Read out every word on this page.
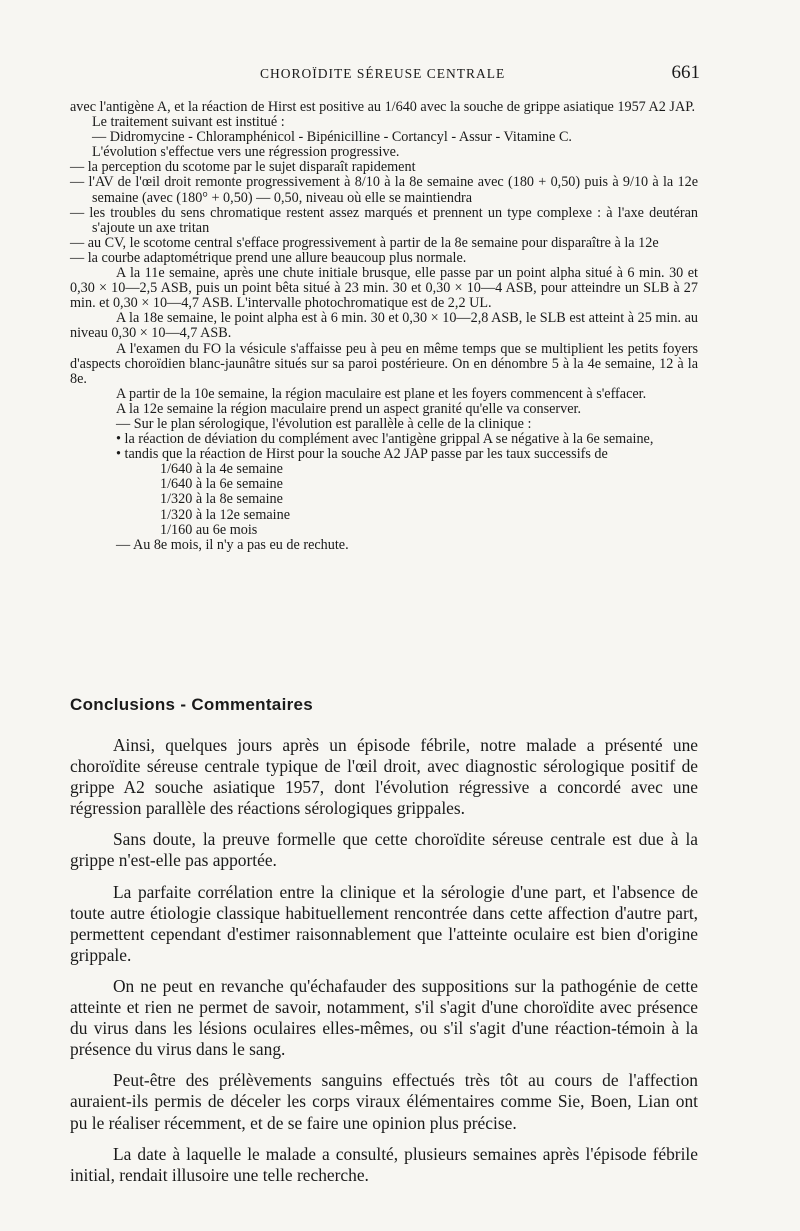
CHOROÏDITE SÉREUSE CENTRALE	661

avec l'antigène A, et la réaction de Hirst est positive au 1/640 avec la souche de grippe asiatique 1957 A2 JAP.

Le traitement suivant est institué :

— Didromycine - Chloramphénicol - Bipénicilline - Cortancyl - Assur - Vitamine C.

L'évolution s'effectue vers une régression progressive.

— la perception du scotome par le sujet disparaît rapidement

— l'AV de l'œil droit remonte progressivement à 8/10 à la 8e semaine avec (180 + 0,50) puis à 9/10 à la 12e semaine (avec (180° + 0,50) — 0,50, niveau où elle se maintiendra

— les troubles du sens chromatique restent assez marqués et prennent un type complexe : à l'axe deutéran s'ajoute un axe tritan

— au CV, le scotome central s'efface progressivement à partir de la 8e semaine pour disparaître à la 12e

— la courbe adaptométrique prend une allure beaucoup plus normale.

A la 11e semaine, après une chute initiale brusque, elle passe par un point alpha situé à 6 min. 30 et 0,30 × 10—2,5 ASB, puis un point bêta situé à 23 min. 30 et 0,30 × 10—4 ASB, pour atteindre un SLB à 27 min. et 0,30 × 10—4,7 ASB. L'intervalle photochromatique est de 2,2 UL.

A la 18e semaine, le point alpha est à 6 min. 30 et 0,30 × 10—2,8 ASB, le SLB est atteint à 25 min. au niveau 0,30 × 10—4,7 ASB.

A l'examen du FO la vésicule s'affaisse peu à peu en même temps que se multiplient les petits foyers d'aspects choroïdien blanc-jaunâtre situés sur sa paroi postérieure. On en dénombre 5 à la 4e semaine, 12 à la 8e.

A partir de la 10e semaine, la région maculaire est plane et les foyers commencent à s'effacer.

A la 12e semaine la région maculaire prend un aspect granité qu'elle va conserver.

— Sur le plan sérologique, l'évolution est parallèle à celle de la clinique :

• la réaction de déviation du complément avec l'antigène grippal A se négative à la 6e semaine,

• tandis que la réaction de Hirst pour la souche A2 JAP passe par les taux successifs de

1/640 à la 4e semaine
1/640 à la 6e semaine
1/320 à la 8e semaine
1/320 à la 12e semaine
1/160 au 6e mois

— Au 8e mois, il n'y a pas eu de rechute.

Conclusions - Commentaires

Ainsi, quelques jours après un épisode fébrile, notre malade a présenté une choroïdite séreuse centrale typique de l'œil droit, avec diagnostic sérologique positif de grippe A2 souche asiatique 1957, dont l'évolution régressive a concordé avec une régression parallèle des réactions sérologiques grippales.

Sans doute, la preuve formelle que cette choroïdite séreuse centrale est due à la grippe n'est-elle pas apportée.

La parfaite corrélation entre la clinique et la sérologie d'une part, et l'absence de toute autre étiologie classique habituellement rencontrée dans cette affection d'autre part, permettent cependant d'estimer raisonnablement que l'atteinte oculaire est bien d'origine grippale.

On ne peut en revanche qu'échafauder des suppositions sur la pathogénie de cette atteinte et rien ne permet de savoir, notamment, s'il s'agit d'une choroïdite avec présence du virus dans les lésions oculaires elles-mêmes, ou s'il s'agit d'une réaction-témoin à la présence du virus dans le sang.

Peut-être des prélèvements sanguins effectués très tôt au cours de l'affection auraient-ils permis de déceler les corps viraux élémentaires comme Sie, Boen, Lian ont pu le réaliser récemment, et de se faire une opinion plus précise.

La date à laquelle le malade a consulté, plusieurs semaines après l'épisode fébrile initial, rendait illusoire une telle recherche.
